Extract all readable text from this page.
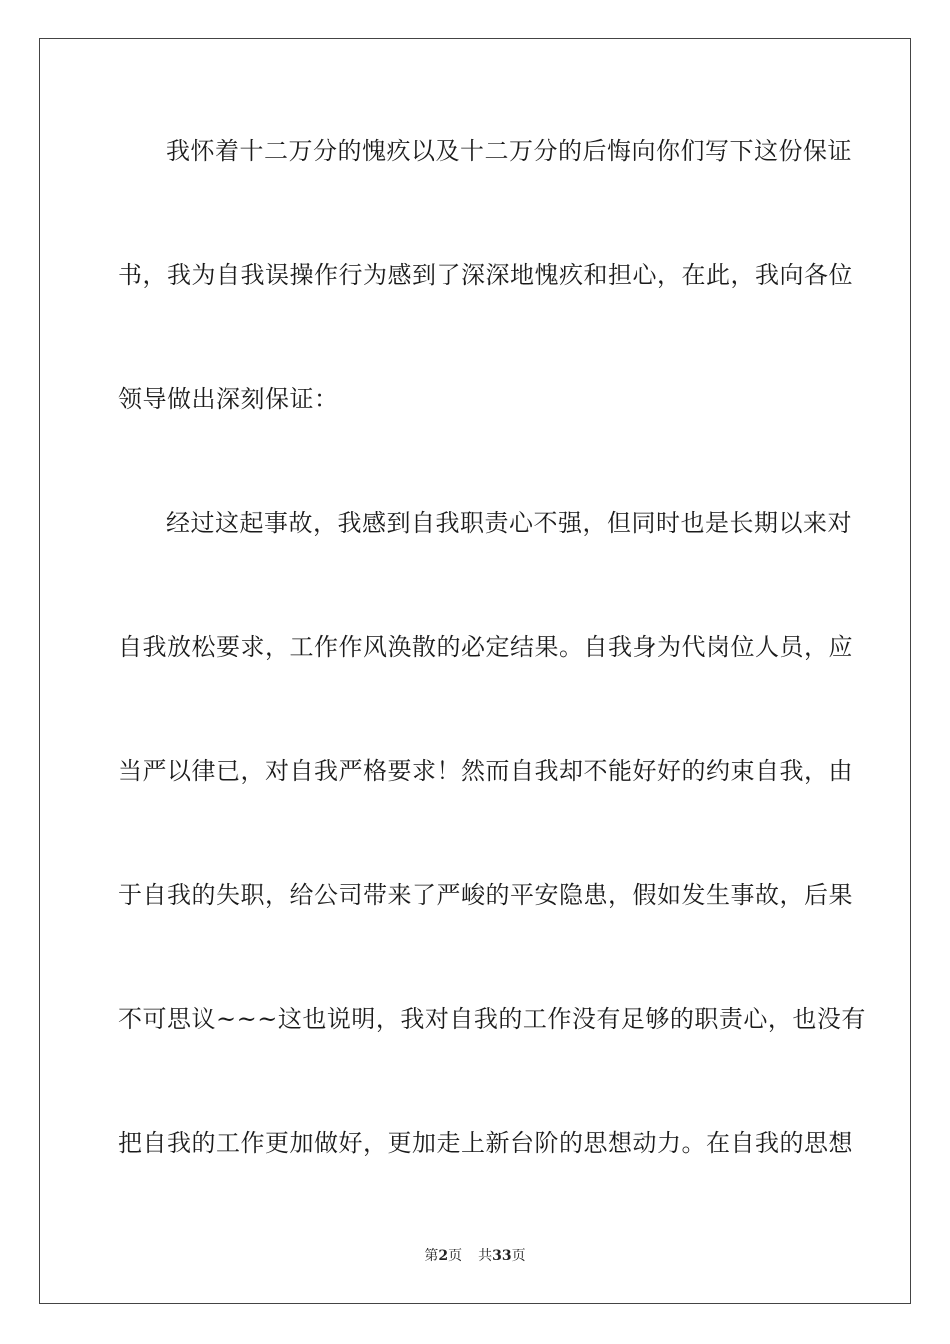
我怀着十二万分的愧疚以及十二万分的后悔向你们写下这份保证
书，我为自我误操作行为感到了深深地愧疚和担心，在此，我向各位
领导做出深刻保证：
经过这起事故，我感到自我职责心不强，但同时也是长期以来对
自我放松要求，工作作风涣散的必定结果。自我身为代岗位人员，应
当严以律已，对自我严格要求！然而自我却不能好好的约束自我，由
于自我的失职，给公司带来了严峻的平安隐患，假如发生事故，后果
不可思议~~~这也说明，我对自我的工作没有足够的职责心，也没有
把自我的工作更加做好，更加走上新台阶的思想动力。在自我的思想
第2页 共33页
